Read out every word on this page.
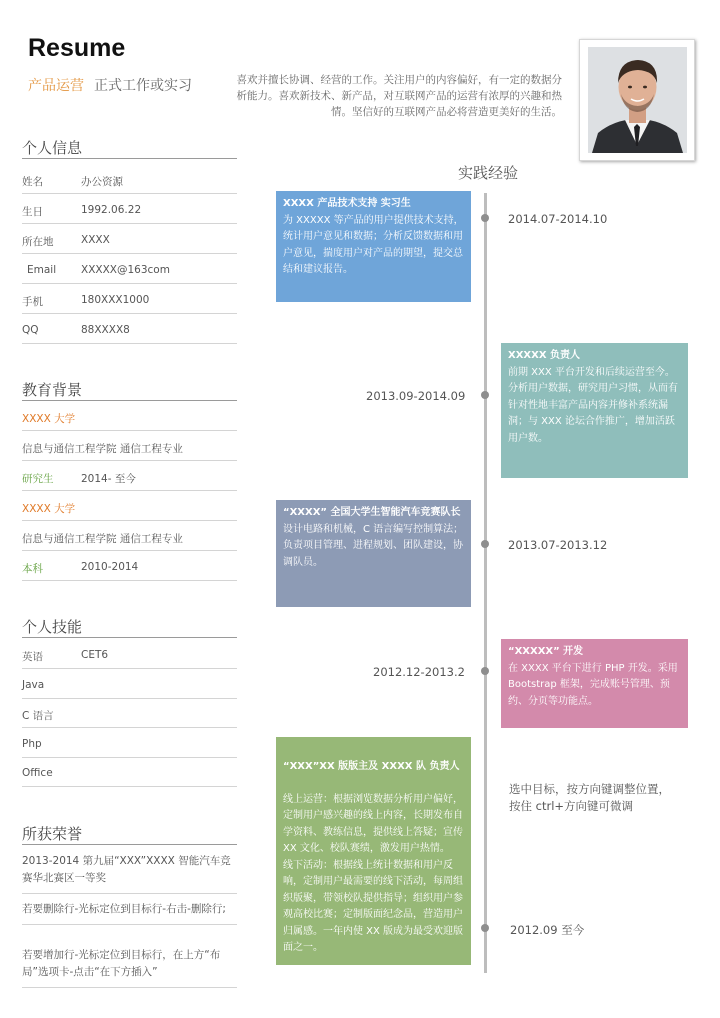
Resume
产品运营 正式工作或实习	喜欢并擅长协调、经营的工作。关注用户的内容偏好，有一定的数据分析能力。喜欢新技术、新产品，对互联网产品的运营有浓厚的兴趣和热情。坚信好的互联网产品必将营造更美好的生活。
个人信息
姓名	办公资源
生日	1992.06.22
所在地	XXXX
Email XXXXX@163com
手机	180XXX1000
QQ	88XXXX8
教育背景
XXXX 大学
信息与通信工程学院 通信工程专业
研究生	2014- 至今
XXXX 大学
信息与通信工程学院 通信工程专业
本科	2010-2014
个人技能
英语	CET6
Java
C 语言
Php
Office
所获荣誉
2013-2014 第九届“XXX”XXXX 智能汽车竞赛华北赛区一等奖
若要删除行-光标定位到目标行-右击-删除行;
若要增加行-光标定位到目标行，在上方“布局”选项卡-点击“在下方插入”
实践经验
XXXX 产品技术支持 实习生
为 XXXXX 等产品的用户提供技术支持，统计用户意见和数据；分析反馈数据和用户意见，揣度用户对产品的期望，提交总结和建议报告。
2014.07-2014.10
XXXXX 负责人
前期 XXX 平台开发和后续运营至今。分析用户数据，研究用户习惯，从而有针对性地丰富产品内容并修补系统漏洞；与 XXX 论坛合作推广，增加活跃用户数。
2013.09-2014.09
“XXXX” 全国大学生智能汽车竞赛队长
设计电路和机械，C 语言编写控制算法；负责项目管理、进程规划、团队建设，协调队员。
2013.07-2013.12
“XXXXX” 开发
在 XXXX 平台下进行 PHP 开发。采用 Bootstrap 框架，完成账号管理、预约、分页等功能点。
2012.12-2013.2

“XXX”XX 版版主及 XXXX 队 负责人

线上运营：根据浏览数据分析用户偏好，定制用户感兴趣的线上内容，长期发布自学资料、教练信息，提供线上答疑；宣传 XX 文化、校队赛绩，激发用户热情。
线下活动：根据线上统计数据和用户反响，定制用户最需要的线下活动，每周组织版聚，带领校队提供指导；组织用户参观高校比赛；定制版面纪念品，营造用户归属感。一年内使 XX 版成为最受欢迎版面之一。

2012.09 至今
选中目标，按方向键调整位置，按住 ctrl+方向键可微调
